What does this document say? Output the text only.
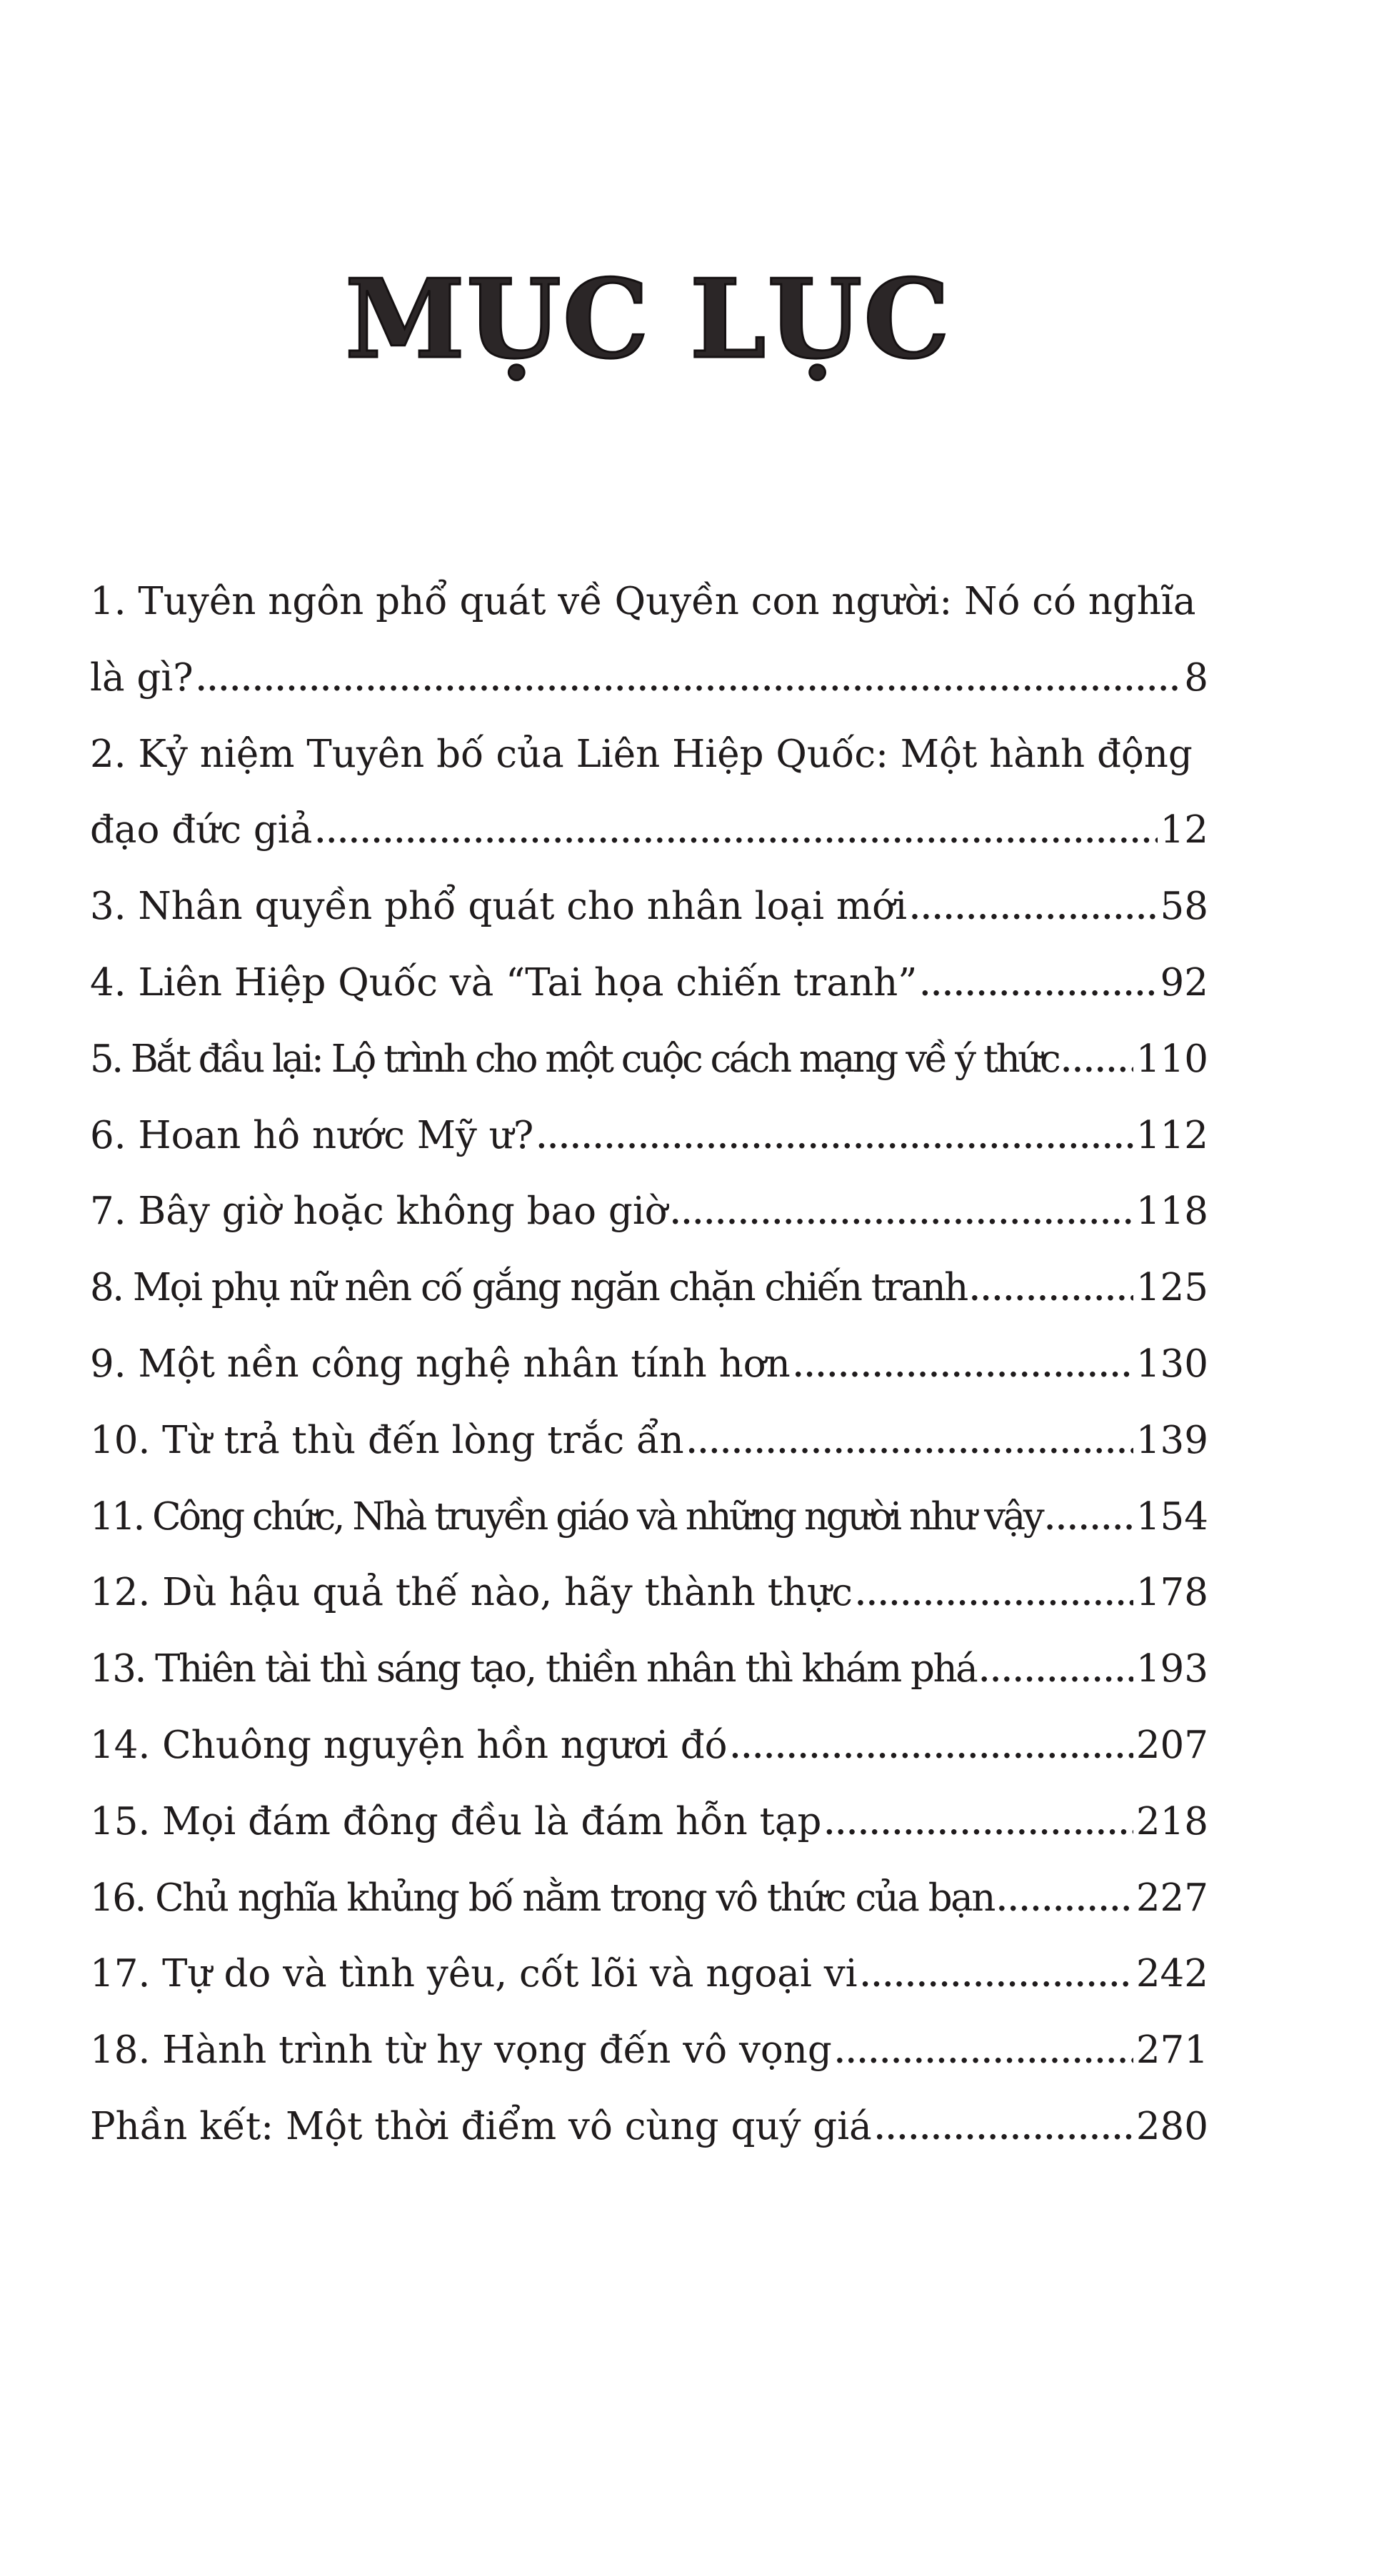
MỤC LỤC
1. Tuyên ngôn phổ quát về Quyền con người: Nó có nghĩa
là gì? . . .	8
2. Kỷ niệm Tuyên bố của Liên Hiệp Quốc: Một hành động
đạo đức giả . . .	12
3. Nhân quyền phổ quát cho nhân loại mới . . .	58
4. Liên Hiệp Quốc và “Tai họa chiến tranh” . . .	92
5. Bắt đầu lại: Lộ trình cho một cuộc cách mạng về ý thức . . . 110
6. Hoan hô nước Mỹ ư? . . .	112
7. Bây giờ hoặc không bao giờ . . .	118
8. Mọi phụ nữ nên cố gắng ngăn chặn chiến tranh . . .	125
9. Một nền công nghệ nhân tính hơn . . .	130
10. Từ trả thù đến lòng trắc ẩn . . .	139
11. Công chức, Nhà truyền giáo và những người như vậy . . . 154
12. Dù hậu quả thế nào, hãy thành thực . . .	178
13. Thiên tài thì sáng tạo, thiền nhân thì khám phá . . .	193
14. Chuông nguyện hồn ngươi đó . . .	207
15. Mọi đám đông đều là đám hỗn tạp . . .	218
16. Chủ nghĩa khủng bố nằm trong vô thức của bạn . . .	227
17. Tự do và tình yêu, cốt lõi và ngoại vi . . .	242
18. Hành trình từ hy vọng đến vô vọng . . .	271
Phần kết: Một thời điểm vô cùng quý giá . . .	280
